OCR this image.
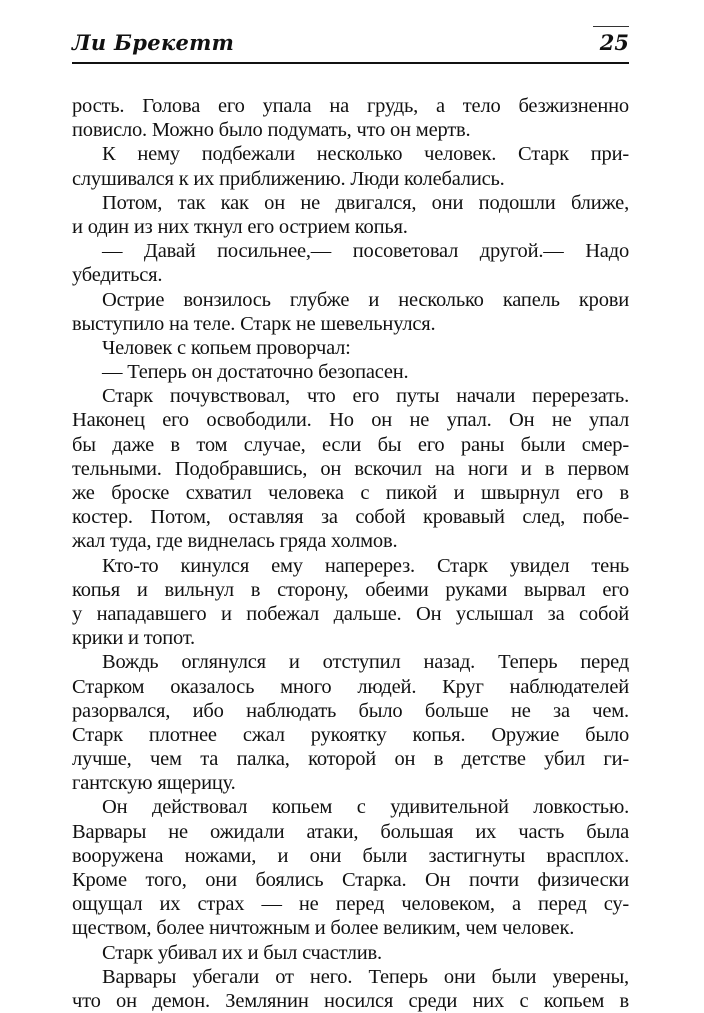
Ли Брекетт	25
рость. Голова его упала на грудь, а тело безжизненно
повисло. Можно было подумать, что он мертв.
К нему подбежали несколько человек. Старк при-
слушивался к их приближению. Люди колебались.
Потом, так как он не двигался, они подошли ближе,
и один из них ткнул его острием копья.
— Давай посильнее,— посоветовал другой.— Надо
убедиться.
Острие вонзилось глубже и несколько капель крови
выступило на теле. Старк не шевельнулся.
Человек с копьем проворчал:
— Теперь он достаточно безопасен.
Старк почувствовал, что его путы начали перерезать.
Наконец его освободили. Но он не упал. Он не упал
бы даже в том случае, если бы его раны были смер-
тельными. Подобравшись, он вскочил на ноги и в первом
же броске схватил человека с пикой и швырнул его в
костер. Потом, оставляя за собой кровавый след, побе-
жал туда, где виднелась гряда холмов.
Кто-то кинулся ему наперерез. Старк увидел тень
копья и вильнул в сторону, обеими руками вырвал его
у нападавшего и побежал дальше. Он услышал за собой
крики и топот.
Вождь оглянулся и отступил назад. Теперь перед
Старком оказалось много людей. Круг наблюдателей
разорвался, ибо наблюдать было больше не за чем.
Старк плотнее сжал рукоятку копья. Оружие было
лучше, чем та палка, которой он в детстве убил ги-
гантскую ящерицу.
Он действовал копьем с удивительной ловкостью.
Варвары не ожидали атаки, большая их часть была
вооружена ножами, и они были застигнуты врасплох.
Кроме того, они боялись Старка. Он почти физически
ощущал их страх — не перед человеком, а перед су-
ществом, более ничтожным и более великим, чем человек.
Старк убивал их и был счастлив.
Варвары убегали от него. Теперь они были уверены,
что он демон. Землянин носился среди них с копьем в
